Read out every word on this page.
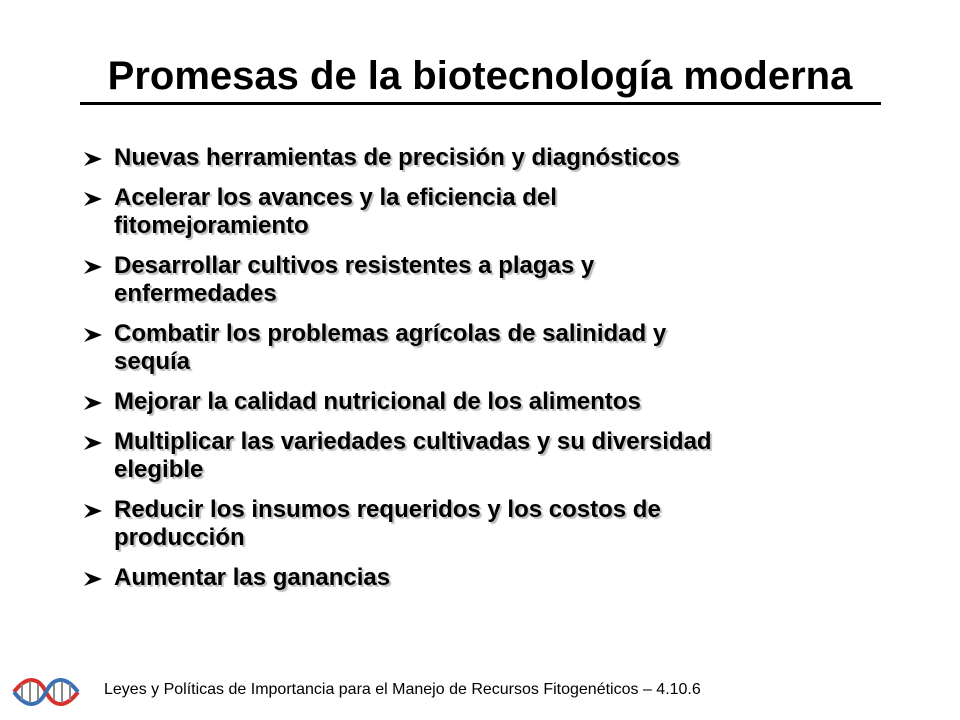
Promesas de la biotecnología moderna
Nuevas herramientas de precisión y diagnósticos
Acelerar los avances y la eficiencia del
fitomejoramiento
Desarrollar cultivos resistentes a plagas y
enfermedades
Combatir los problemas agrícolas de salinidad y
sequía
Mejorar la calidad nutricional de los alimentos
Multiplicar las variedades cultivadas y su diversidad
elegible
Reducir los insumos requeridos y los costos de
producción
Aumentar las ganancias
Leyes y Políticas de Importancia para el Manejo de Recursos Fitogenéticos – 4.10.6
